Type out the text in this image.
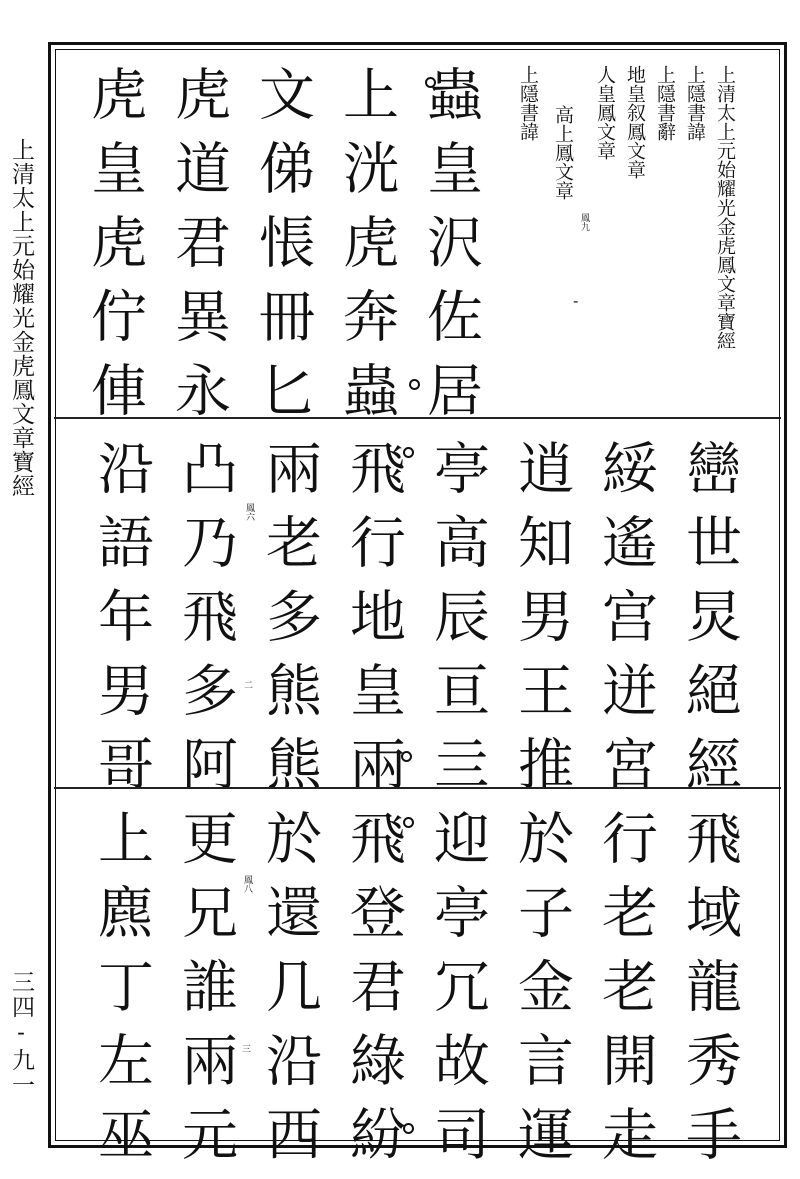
上清太上元始耀光金虎鳳文章寶經
三四-九一
上清太上元始耀光金虎鳳文章寶經
上隱書諱
上隱書辭
地皇叙鳳文章
人皇鳳文章
高上鳳文章
上隱書諱
鳳九
-
蟲皇沢佐居
上洸虎奔蟲
文俤悵冊匕
虎道君異永
虎皇虎佇俥
巒世炅絕經
綏遙宫迸宮
逍知男王推
亭高辰亘亖
飛行地皇兩
兩老多熊熊
凸乃飛多阿
沿語年男哥	鳳六
二
飛域龍秀手
行老老開走
於子金言運
迎亭冗故司
飛登君綠紛
於還几沿西
更兄誰兩元
上麃丁左巫	鳳八
三
